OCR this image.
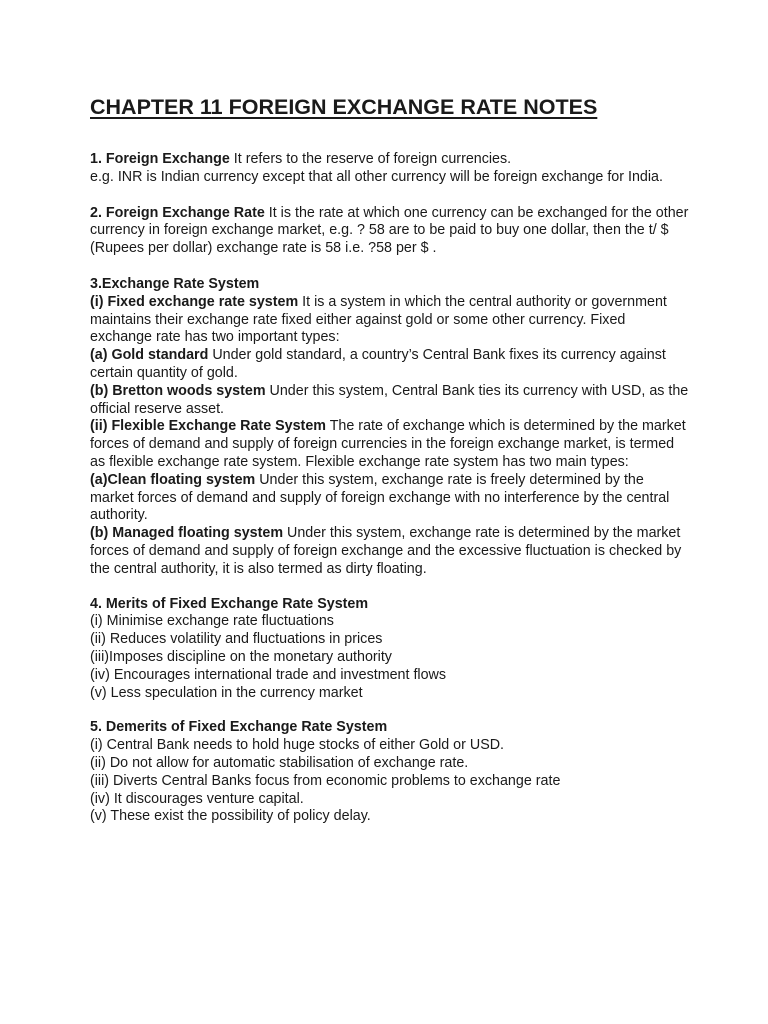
CHAPTER 11 FOREIGN EXCHANGE RATE NOTES

1. Foreign Exchange It refers to the reserve of foreign currencies.

e.g. INR is Indian currency except that all other currency will be foreign exchange for India.

2. Foreign Exchange Rate It is the rate at which one currency can be exchanged for the other currency in foreign exchange market, e.g. ? 58 are to be paid to buy one dollar, then the t/ $ (Rupees per dollar) exchange rate is 58 i.e. ?58 per $ .

3.Exchange Rate System

(i) Fixed exchange rate system It is a system in which the central authority or government maintains their exchange rate fixed either against gold or some other currency. Fixed exchange rate has two important types:

(a) Gold standard Under gold standard, a country’s Central Bank fixes its currency against certain quantity of gold.

(b) Bretton woods system Under this system, Central Bank ties its currency with USD, as the official reserve asset.

(ii) Flexible Exchange Rate System The rate of exchange which is determined by the market forces of demand and supply of foreign currencies in the foreign exchange market, is termed as flexible exchange rate system. Flexible exchange rate system has two main types:

(a)Clean floating system Under this system, exchange rate is freely determined by the market forces of demand and supply of foreign exchange with no interference by the central authority.

(b) Managed floating system Under this system, exchange rate is determined by the market forces of demand and supply of foreign exchange and the excessive fluctuation is checked by the central authority, it is also termed as dirty floating.

4. Merits of Fixed Exchange Rate System

(i) Minimise exchange rate fluctuations

(ii) Reduces volatility and fluctuations in prices

(iii)Imposes discipline on the monetary authority

(iv) Encourages international trade and investment flows

(v) Less speculation in the currency market

5. Demerits of Fixed Exchange Rate System

(i) Central Bank needs to hold huge stocks of either Gold or USD.

(ii) Do not allow for automatic stabilisation of exchange rate.

(iii) Diverts Central Banks focus from economic problems to exchange rate

(iv) It discourages venture capital.

(v) These exist the possibility of policy delay.
